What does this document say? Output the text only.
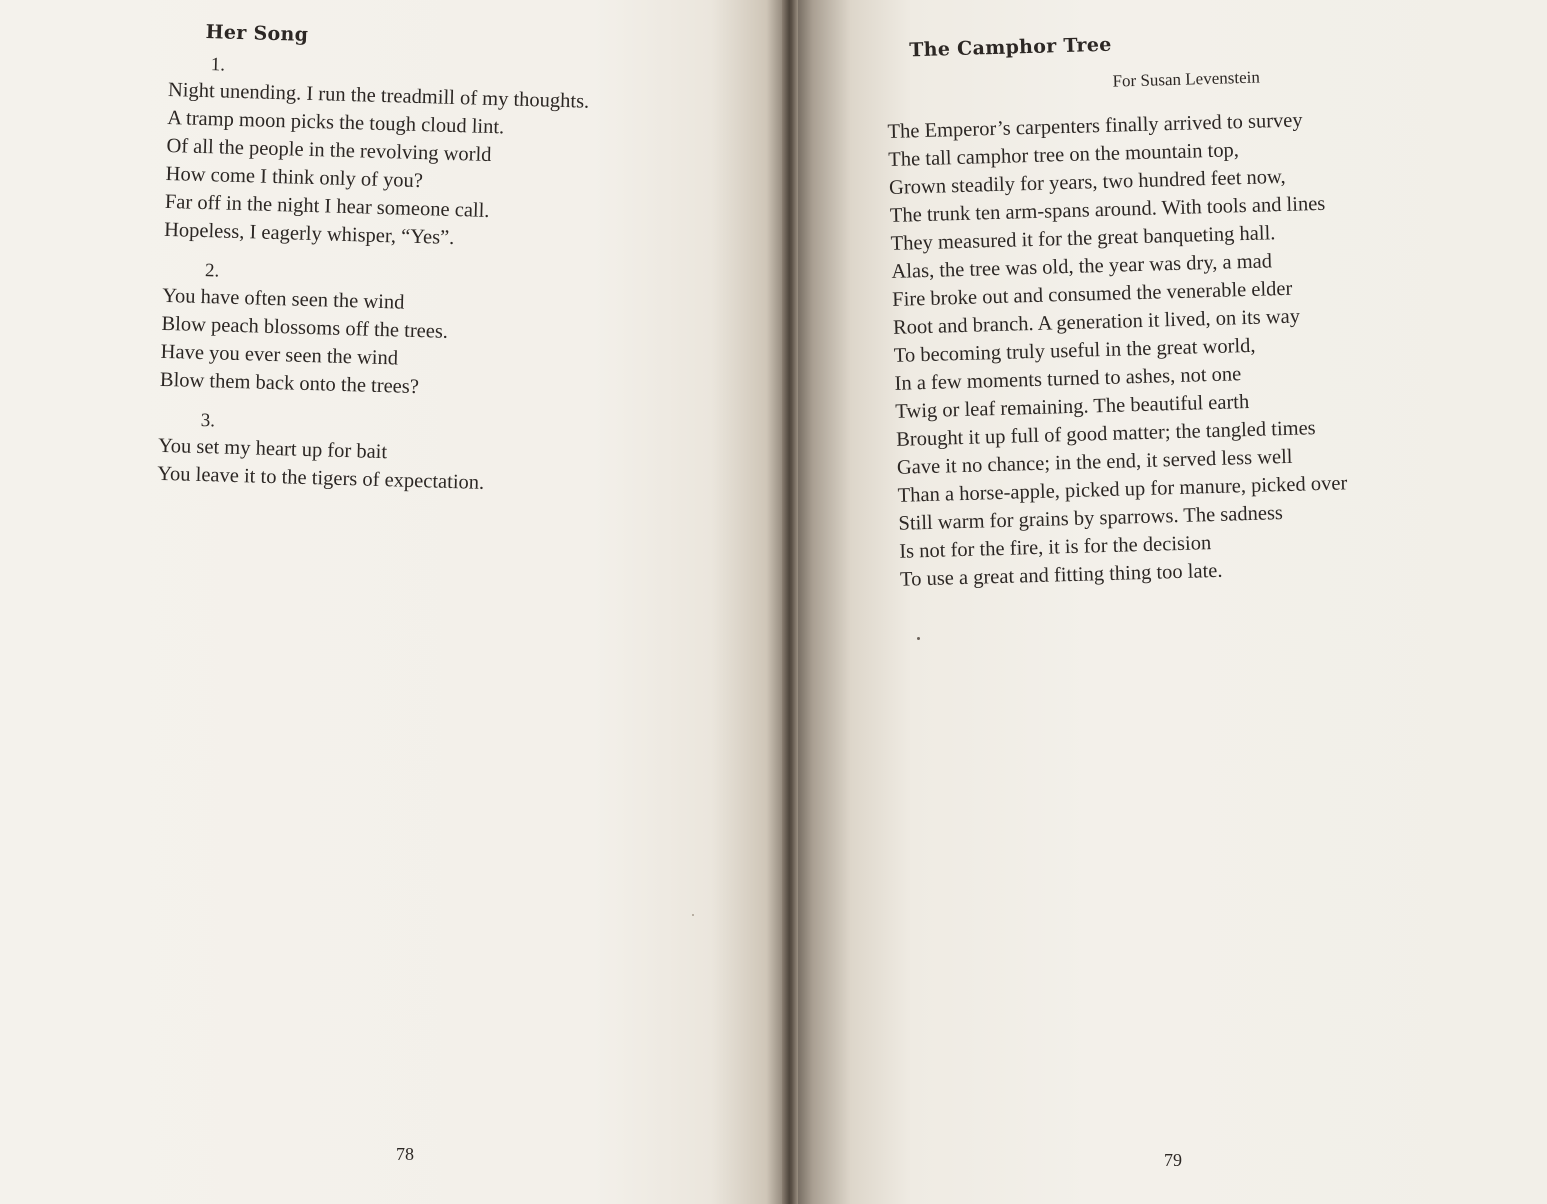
Her Song
1.
Night unending. I run the treadmill of my thoughts.
A tramp moon picks the tough cloud lint.
Of all the people in the revolving world
How come I think only of you?
Far off in the night I hear someone call.
Hopeless, I eagerly whisper, “Yes”.
2.
You have often seen the wind
Blow peach blossoms off the trees.
Have you ever seen the wind
Blow them back onto the trees?
3.
You set my heart up for bait
You leave it to the tigers of expectation.
78
The Camphor Tree
For Susan Levenstein
The Emperor’s carpenters finally arrived to survey
The tall camphor tree on the mountain top,
Grown steadily for years, two hundred feet now,
The trunk ten arm-spans around. With tools and lines
They measured it for the great banqueting hall.
Alas, the tree was old, the year was dry, a mad
Fire broke out and consumed the venerable elder
Root and branch. A generation it lived, on its way
To becoming truly useful in the great world,
In a few moments turned to ashes, not one
Twig or leaf remaining. The beautiful earth
Brought it up full of good matter; the tangled times
Gave it no chance; in the end, it served less well
Than a horse-apple, picked up for manure, picked over
Still warm for grains by sparrows. The sadness
Is not for the fire, it is for the decision
To use a great and fitting thing too late.
79
